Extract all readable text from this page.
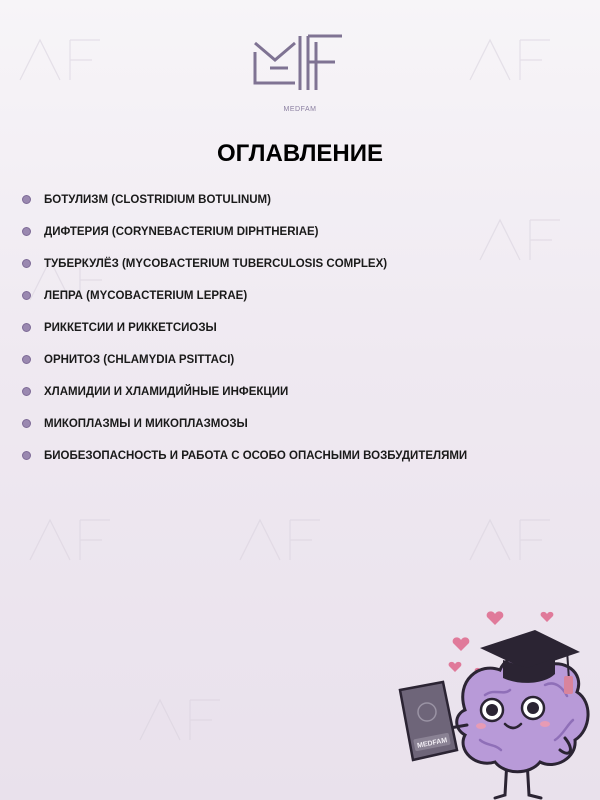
MEDFAM
ОГЛАВЛЕНИЕ
БОТУЛИЗМ (CLOSTRIDIUM BOTULINUM)
ДИФТЕРИЯ (CORYNEBACTERIUM DIPHTHERIAE)
ТУБЕРКУЛЁЗ (MYCOBACTERIUM TUBERCULOSIS COMPLEX)
ЛЕПРА (MYCOBACTERIUM LEPRAE)
РИККЕТСИИ И РИККЕТСИОЗЫ
ОРНИТОЗ (CHLAMYDIA PSITTACI)
ХЛАМИДИИ И ХЛАМИДИЙНЫЕ ИНФЕКЦИИ
МИКОПЛАЗМЫ И МИКОПЛАЗМОЗЫ
БИОБЕЗОПАСНОСТЬ И РАБОТА С ОСОБО ОПАСНЫМИ ВОЗБУДИТЕЛЯМИ
MEDFAM
